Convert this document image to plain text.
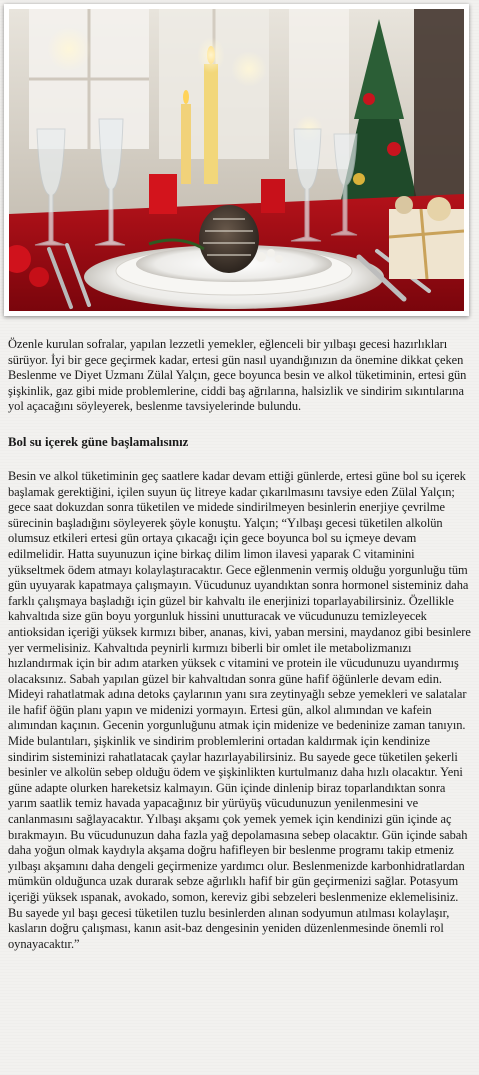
Özenle kurulan sofralar, yapılan lezzetli yemekler, eğlenceli bir yılbaşı gecesi hazırlıkları sürüyor. İyi bir gece geçirmek kadar, ertesi gün nasıl uyandığınızın da önemine dikkat çeken Beslenme ve Diyet Uzmanı Zülal Yalçın, gece boyunca besin ve alkol tüketiminin, ertesi gün şişkinlik, gaz gibi mide problemlerine, ciddi baş ağrılarına, halsizlik ve sindirim sıkıntılarına yol açacağını söyleyerek, beslenme tavsiyelerinde bulundu.

Bol su içerek güne başlamalısınız

Besin ve alkol tüketiminin geç saatlere kadar devam ettiği günlerde, ertesi güne bol su içerek başlamak gerektiğini, içilen suyun üç litreye kadar çıkarılmasını tavsiye eden Zülal Yalçın; gece saat dokuzdan sonra tüketilen ve midede sindirilmeyen besinlerin enerjiye çevrilme sürecinin başladığını söyleyerek şöyle konuştu. Yalçın; “Yılbaşı gecesi tüketilen alkolün olumsuz etkileri ertesi gün ortaya çıkacağı için gece boyunca bol su içmeye devam edilmelidir. Hatta suyunuzun içine birkaç dilim limon ilavesi yaparak C vitaminini yükseltmek ödem atmayı kolaylaştıracaktır. Gece eğlenmenin vermiş olduğu yorgunluğu tüm gün uyuyarak kapatmaya çalışmayın. Vücudunuz uyandıktan sonra hormonel sisteminiz daha farklı çalışmaya başladığı için güzel bir kahvaltı ile enerjinizi toparlayabilirsiniz. Özellikle kahvaltıda size gün boyu yorgunluk hissini unutturacak ve vücudunuzu temizleyecek antioksidan içeriği yüksek kırmızı biber, ananas, kivi, yaban mersini, maydanoz gibi besinlere yer vermelisiniz. Kahvaltıda peynirli kırmızı biberli bir omlet ile metabolizmanızı hızlandırmak için bir adım atarken yüksek c vitamini ve protein ile vücudunuzu uyandırmış olacaksınız. Sabah yapılan güzel bir kahvaltıdan sonra güne hafif öğünlerle devam edin. Mideyi rahatlatmak adına detoks çaylarının yanı sıra zeytinyağlı sebze yemekleri ve salatalar ile hafif öğün planı yapın ve midenizi yormayın. Ertesi gün, alkol alımından ve kafein alımından kaçının. Gecenin yorgunluğunu atmak için midenize ve bedeninize zaman tanıyın. Mide bulantıları, şişkinlik ve sindirim problemlerini ortadan kaldırmak için kendinize sindirim sisteminizi rahatlatacak çaylar hazırlayabilirsiniz. Bu sayede gece tüketilen şekerli besinler ve alkolün sebep olduğu ödem ve şişkinlikten kurtulmanız daha hızlı olacaktır. Yeni güne adapte olurken hareketsiz kalmayın. Gün içinde dinlenip biraz toparlandıktan sonra yarım saatlik temiz havada yapacağınız bir yürüyüş vücudunuzun yenilenmesini ve canlanmasını sağlayacaktır. Yılbaşı akşamı çok yemek yemek için kendinizi gün içinde aç bırakmayın. Bu vücudunuzun daha fazla yağ depolamasına sebep olacaktır. Gün içinde sabah daha yoğun olmak kaydıyla akşama doğru hafifleyen bir beslenme programı takip etmeniz yılbaşı akşamını daha dengeli geçirmenize yardımcı olur. Beslenmenizde karbonhidratlardan mümkün olduğunca uzak durarak sebze ağırlıklı hafif bir gün geçirmenizi sağlar. Potasyum içeriği yüksek ıspanak, avokado, somon, kereviz gibi sebzeleri beslenmenize eklemelisiniz. Bu sayede yıl başı gecesi tüketilen tuzlu besinlerden alınan sodyumun atılması kolaylaşır, kasların doğru çalışması, kanın asit-baz dengesinin yeniden düzenlenmesinde önemli rol oynayacaktır.”
